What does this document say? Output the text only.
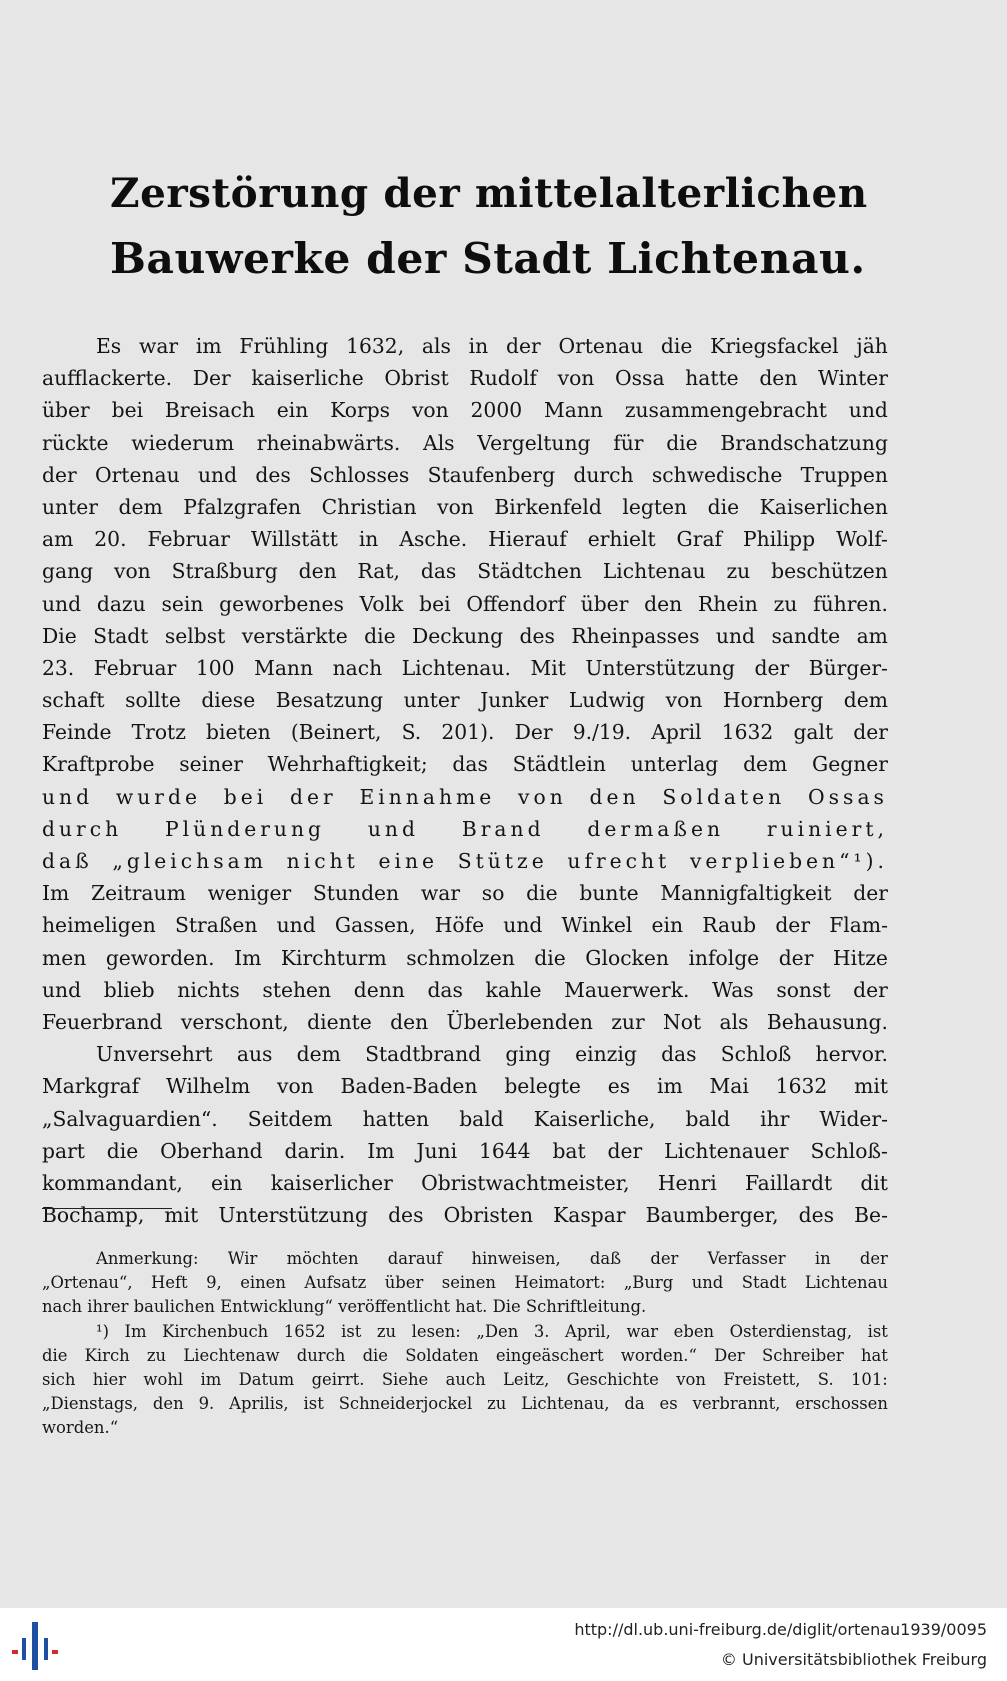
Zerstörung der mittelalterlichen
Bauwerke der Stadt Lichtenau.
Es war im Frühling 1632, als in der Ortenau die Kriegsfackel jäh
aufflackerte. Der kaiserliche Obrist Rudolf von Ossa hatte den Winter
über bei Breisach ein Korps von 2000 Mann zusammengebracht und
rückte wiederum rheinabwärts. Als Vergeltung für die Brandschatzung
der Ortenau und des Schlosses Staufenberg durch schwedische Truppen
unter dem Pfalzgrafen Christian von Birkenfeld legten die Kaiserlichen
am 20. Februar Willstätt in Asche. Hierauf erhielt Graf Philipp Wolf-
gang von Straßburg den Rat, das Städtchen Lichtenau zu beschützen
und dazu sein geworbenes Volk bei Offendorf über den Rhein zu führen.
Die Stadt selbst verstärkte die Deckung des Rheinpasses und sandte am
23. Februar 100 Mann nach Lichtenau. Mit Unterstützung der Bürger-
schaft sollte diese Besatzung unter Junker Ludwig von Hornberg dem
Feinde Trotz bieten (Beinert, S. 201). Der 9./19. April 1632 galt der
Kraftprobe seiner Wehrhaftigkeit; das Städtlein unterlag dem Gegner
und wurde bei der Einnahme von den Soldaten Ossas
durch Plünderung und Brand dermaßen ruiniert,
daß „gleichsam nicht eine Stütze ufrecht verplieben“¹).
Im Zeitraum weniger Stunden war so die bunte Mannigfaltigkeit der
heimeligen Straßen und Gassen, Höfe und Winkel ein Raub der Flam-
men geworden. Im Kirchturm schmolzen die Glocken infolge der Hitze
und blieb nichts stehen denn das kahle Mauerwerk. Was sonst der
Feuerbrand verschont, diente den Überlebenden zur Not als Behausung.
Unversehrt aus dem Stadtbrand ging einzig das Schloß hervor.
Markgraf Wilhelm von Baden-Baden belegte es im Mai 1632 mit
„Salvaguardien“. Seitdem hatten bald Kaiserliche, bald ihr Wider-
part die Oberhand darin. Im Juni 1644 bat der Lichtenauer Schloß-
kommandant, ein kaiserlicher Obristwachtmeister, Henri Faillardt dit
Bochamp, mit Unterstützung des Obristen Kaspar Baumberger, des Be-
Anmerkung: Wir möchten darauf hinweisen, daß der Verfasser in der
„Ortenau“, Heft 9, einen Aufsatz über seinen Heimatort: „Burg und Stadt Lichtenau
nach ihrer baulichen Entwicklung“ veröffentlicht hat. Die Schriftleitung.
¹) Im Kirchenbuch 1652 ist zu lesen: „Den 3. April, war eben Osterdienstag, ist
die Kirch zu Liechtenaw durch die Soldaten eingeäschert worden.“ Der Schreiber hat
sich hier wohl im Datum geirrt. Siehe auch Leitz, Geschichte von Freistett, S. 101:
„Dienstags, den 9. Aprilis, ist Schneiderjockel zu Lichtenau, da es verbrannt, erschossen
worden.“
http://dl.ub.uni-freiburg.de/diglit/ortenau1939/0095
© Universitätsbibliothek Freiburg
